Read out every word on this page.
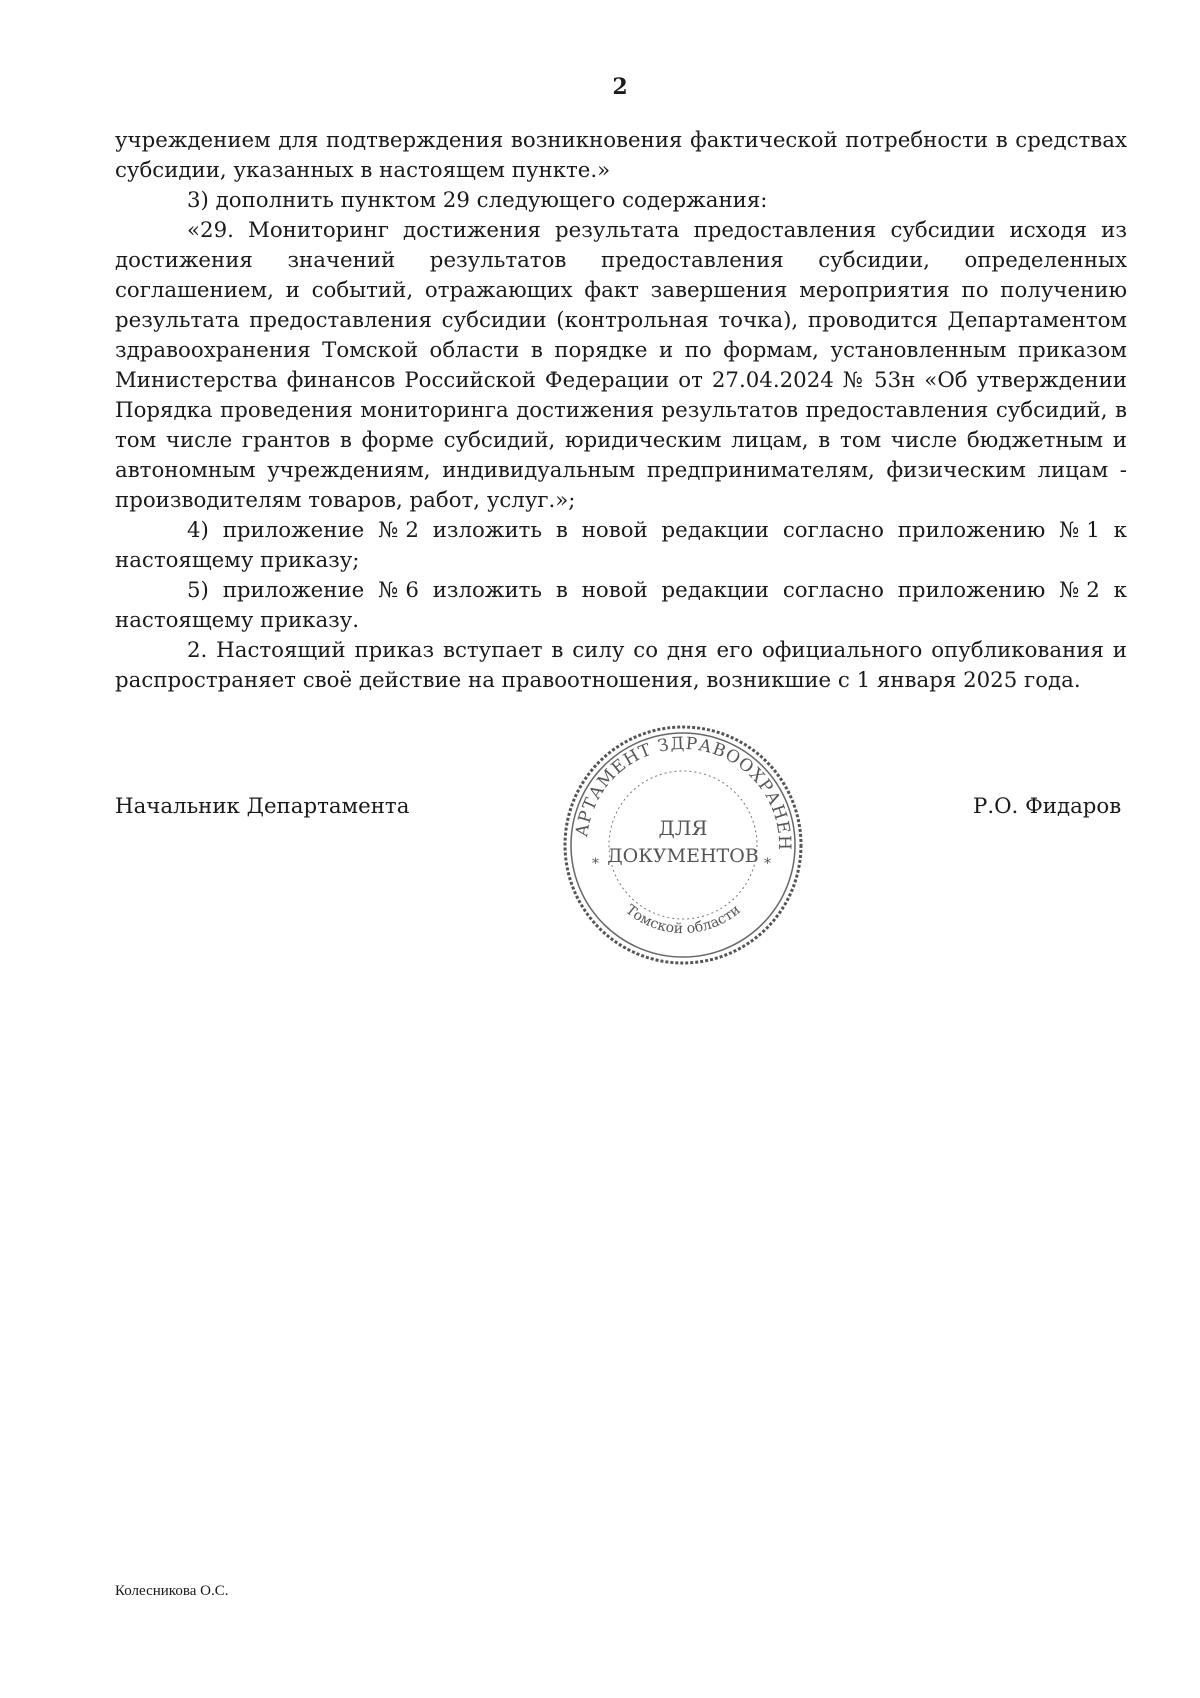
2

учреждением для подтверждения возникновения фактической потребности в средствах субсидии, указанных в настоящем пункте.»

3) дополнить пунктом 29 следующего содержания:

«29. Мониторинг достижения результата предоставления субсидии исходя из достижения значений результатов предоставления субсидии, определенных соглашением, и событий, отражающих факт завершения мероприятия по получению результата предоставления субсидии (контрольная точка), проводится Департаментом здравоохранения Томской области в порядке и по формам, установленным приказом Министерства финансов Российской Федерации от 27.04.2024 № 53н «Об утверждении Порядка проведения мониторинга достижения результатов предоставления субсидий, в том числе грантов в форме субсидий, юридическим лицам, в том числе бюджетным и автономным учреждениям, индивидуальным предпринимателям, физическим лицам - производителям товаров, работ, услуг.»;

4) приложение №2 изложить в новой редакции согласно приложению №1 к настоящему приказу;

5) приложение №6 изложить в новой редакции согласно приложению №2 к настоящему приказу.

2. Настоящий приказ вступает в силу со дня его официального опубликования и распространяет своё действие на правоотношения, возникшие с 1 января 2025 года.

Начальник Департамента
АРТАМЕНТ ЗДРАВООХРАНЕН
Томской области
*	*
ДЛЯ
ДОКУМЕНТОВ
Р.О. Фидаров
Колесникова О.С.
